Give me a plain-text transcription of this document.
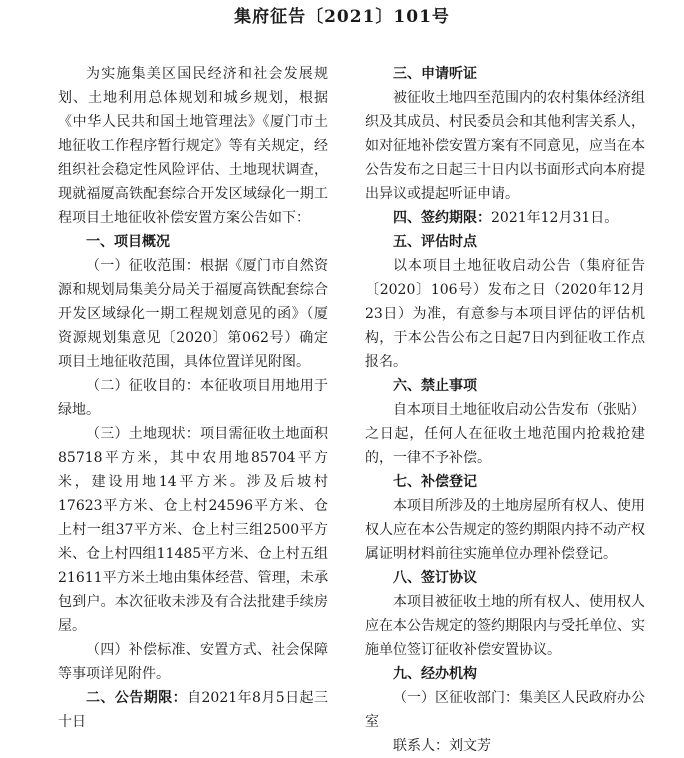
集府征告〔2021〕101号

为实施集美区国民经济和社会发展规划、土地利用总体规划和城乡规划，根据《中华人民共和国土地管理法》《厦门市土地征收工作程序暂行规定》等有关规定，经组织社会稳定性风险评估、土地现状调查，现就福厦高铁配套综合开发区域绿化一期工程项目土地征收补偿安置方案公告如下：

一、项目概况

（一）征收范围：根据《厦门市自然资源和规划局集美分局关于福厦高铁配套综合开发区域绿化一期工程规划意见的函》（厦资源规划集意见〔2020〕第062号）确定项目土地征收范围，具体位置详见附图。

（二）征收目的：本征收项目用地用于绿地。

（三）土地现状：项目需征收土地面积85718平方米，其中农用地85704平方米，建设用地14平方米。涉及后坡村17623平方米、仓上村24596平方米、仓上村一组37平方米、仓上村三组2500平方米、仓上村四组11485平方米、仓上村五组21611平方米土地由集体经营、管理，未承包到户。本次征收未涉及有合法批建手续房屋。

（四）补偿标准、安置方式、社会保障等事项详见附件。

二、公告期限：自2021年8月5日起三十日

三、申请听证

被征收土地四至范围内的农村集体经济组织及其成员、村民委员会和其他利害关系人，如对征地补偿安置方案有不同意见，应当在本公告发布之日起三十日内以书面形式向本府提出异议或提起听证申请。

四、签约期限：2021年12月31日。

五、评估时点

以本项目土地征收启动公告（集府征告〔2020〕106号）发布之日（2020年12月23日）为准，有意参与本项目评估的评估机构，于本公告公布之日起7日内到征收工作点报名。

六、禁止事项

自本项目土地征收启动公告发布（张贴）之日起，任何人在征收土地范围内抢栽抢建的，一律不予补偿。

七、补偿登记

本项目所涉及的土地房屋所有权人、使用权人应在本公告规定的签约期限内持不动产权属证明材料前往实施单位办理补偿登记。

八、签订协议

本项目被征收土地的所有权人、使用权人应在本公告规定的签约期限内与受托单位、实施单位签订征收补偿安置协议。

九、经办机构

（一）区征收部门：集美区人民政府办公室

联系人：刘文芳
